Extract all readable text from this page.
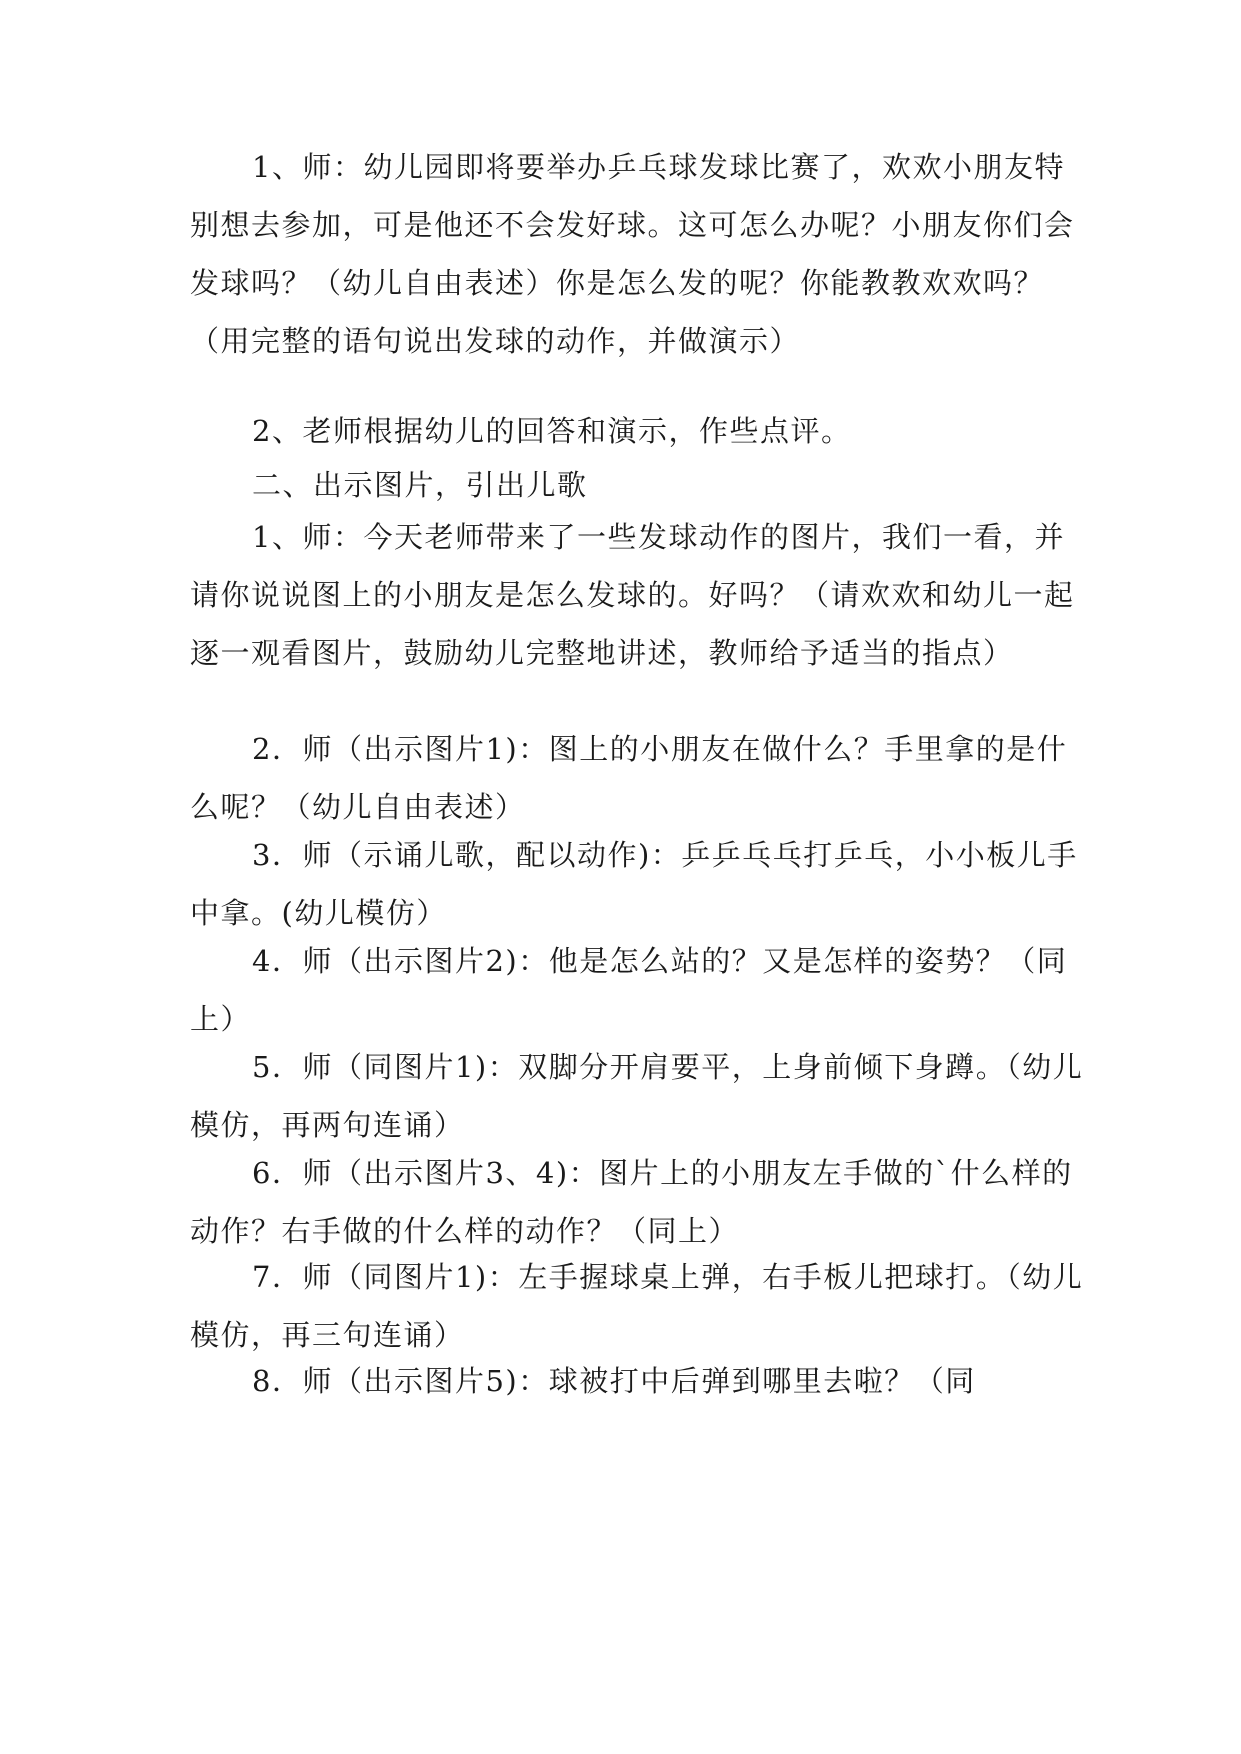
1、师：幼儿园即将要举办乒乓球发球比赛了，欢欢小朋友特别想去参加，可是他还不会发好球。这可怎么办呢？小朋友你们会发球吗？（幼儿自由表述）你是怎么发的呢？你能教教欢欢吗？（用完整的语句说出发球的动作，并做演示）

2、老师根据幼儿的回答和演示，作些点评。

二、出示图片，引出儿歌

1、师：今天老师带来了一些发球动作的图片，我们一看，并请你说说图上的小朋友是怎么发球的。好吗？（请欢欢和幼儿一起逐一观看图片，鼓励幼儿完整地讲述，教师给予适当的指点）

2．师（出示图片1)：图上的小朋友在做什么？手里拿的是什么呢？（幼儿自由表述）

3．师（示诵儿歌，配以动作)：乒乒乓乓打乒乓，小小板儿手中拿。(幼儿模仿）

4．师（出示图片2)：他是怎么站的？又是怎样的姿势？（同上）

5．师（同图片1)：双脚分开肩要平，上身前倾下身蹲。（幼儿模仿，再两句连诵）

6．师（出示图片3、4)：图片上的小朋友左手做的`什么样的动作？右手做的什么样的动作？（同上）

7．师（同图片1)：左手握球桌上弹，右手板儿把球打。（幼儿模仿，再三句连诵）

8．师（出示图片5)：球被打中后弹到哪里去啦？（同
